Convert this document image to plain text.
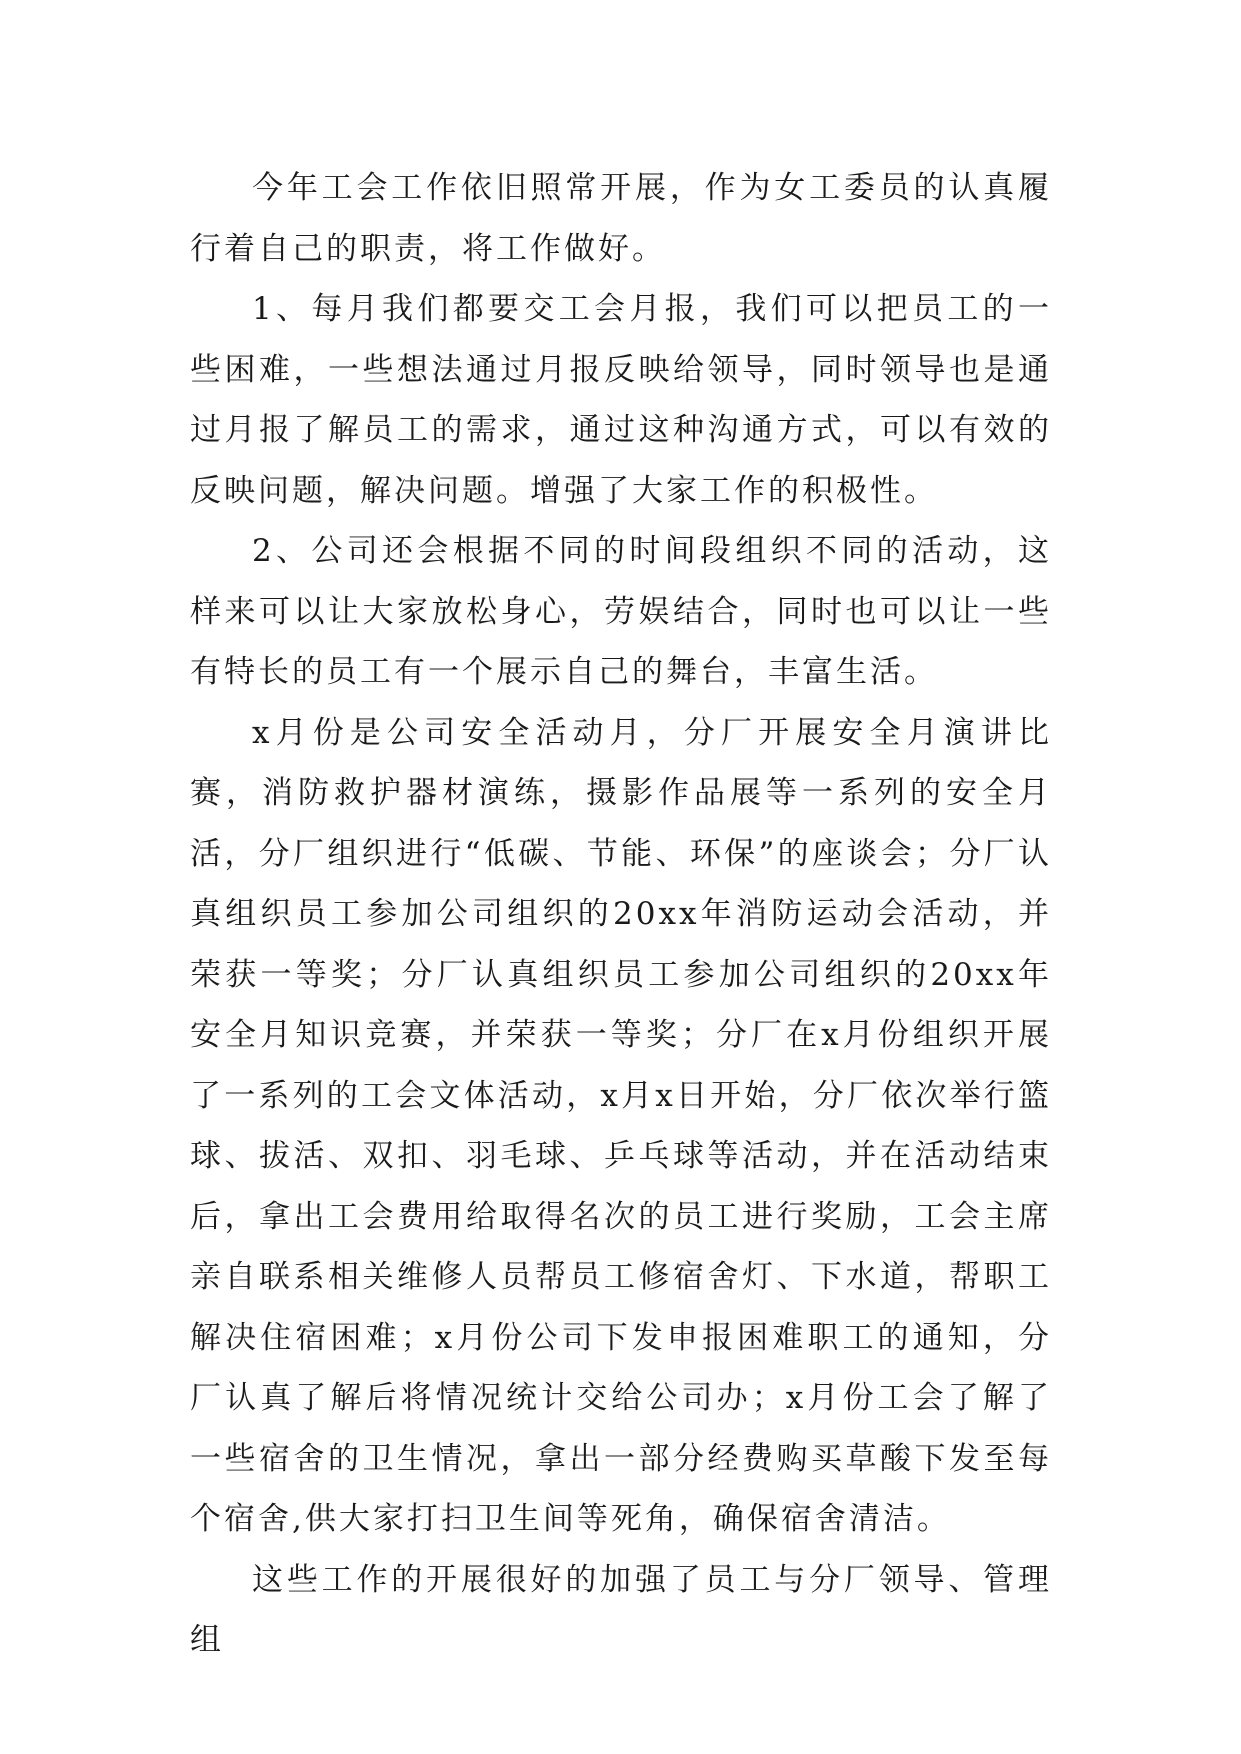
今年工会工作依旧照常开展，作为女工委员的认真履行着自己的职责，将工作做好。

1、每月我们都要交工会月报，我们可以把员工的一些困难，一些想法通过月报反映给领导，同时领导也是通过月报了解员工的需求，通过这种沟通方式，可以有效的反映问题，解决问题。增强了大家工作的积极性。

2、公司还会根据不同的时间段组织不同的活动，这样来可以让大家放松身心，劳娱结合，同时也可以让一些有特长的员工有一个展示自己的舞台，丰富生活。

x月份是公司安全活动月，分厂开展安全月演讲比赛，消防救护器材演练，摄影作品展等一系列的安全月活，分厂组织进行“低碳、节能、环保”的座谈会；分厂认真组织员工参加公司组织的20xx年消防运动会活动，并荣获一等奖；分厂认真组织员工参加公司组织的20xx年安全月知识竞赛，并荣获一等奖；分厂在x月份组织开展了一系列的工会文体活动，x月x日开始，分厂依次举行篮球、拔活、双扣、羽毛球、乒乓球等活动，并在活动结束后，拿出工会费用给取得名次的员工进行奖励，工会主席亲自联系相关维修人员帮员工修宿舍灯、下水道，帮职工解决住宿困难；x月份公司下发申报困难职工的通知，分厂认真了解后将情况统计交给公司办；x月份工会了解了一些宿舍的卫生情况，拿出一部分经费购买草酸下发至每个宿舍,供大家打扫卫生间等死角，确保宿舍清洁。

这些工作的开展很好的加强了员工与分厂领导、管理组
